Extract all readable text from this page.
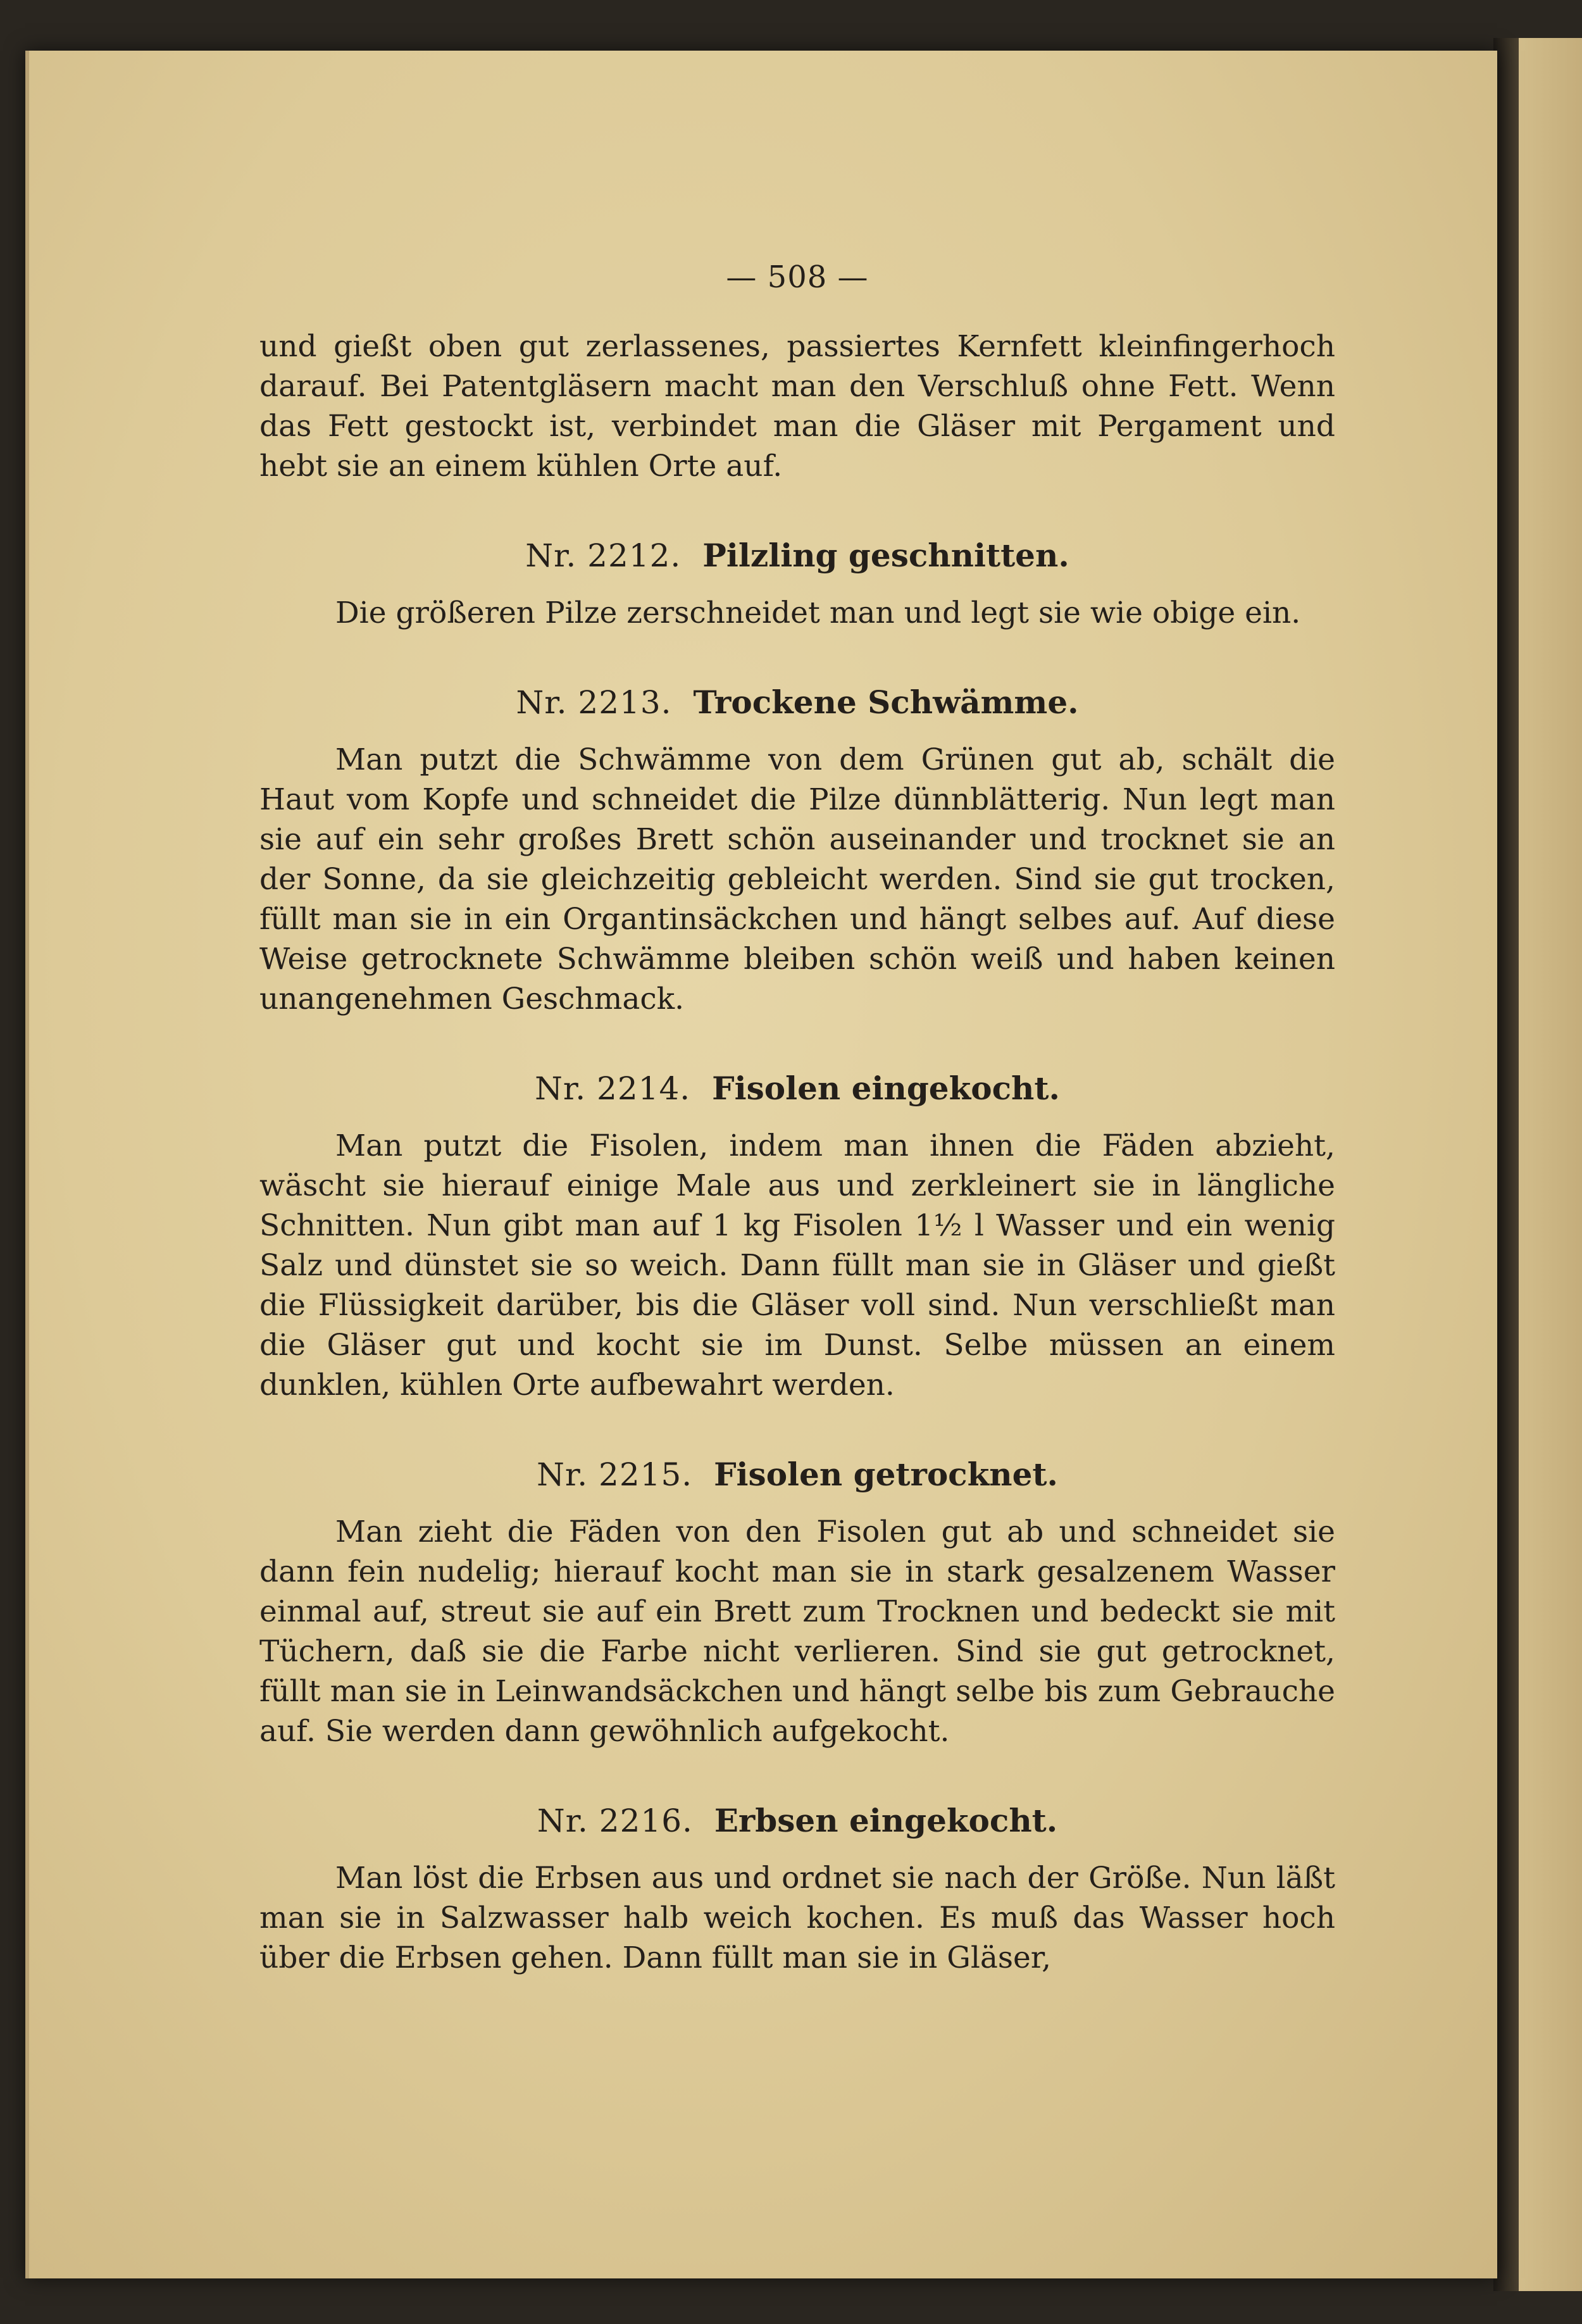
— 508 —

und gießt oben gut zerlassenes, passiertes Kernfett kleinfingerhoch darauf. Bei Patentgläsern macht man den Verschluß ohne Fett. Wenn das Fett gestockt ist, verbindet man die Gläser mit Pergament und hebt sie an einem kühlen Orte auf.

Nr. 2212. Pilzling geschnitten.

Die größeren Pilze zerschneidet man und legt sie wie obige ein.

Nr. 2213. Trockene Schwämme.

Man putzt die Schwämme von dem Grünen gut ab, schält die Haut vom Kopfe und schneidet die Pilze dünnblätterig. Nun legt man sie auf ein sehr großes Brett schön auseinander und trocknet sie an der Sonne, da sie gleichzeitig gebleicht werden. Sind sie gut trocken, füllt man sie in ein Organtinsäckchen und hängt selbes auf. Auf diese Weise getrocknete Schwämme bleiben schön weiß und haben keinen unangenehmen Geschmack.

Nr. 2214. Fisolen eingekocht.

Man putzt die Fisolen, indem man ihnen die Fäden abzieht, wäscht sie hierauf einige Male aus und zerkleinert sie in längliche Schnitten. Nun gibt man auf 1 kg Fisolen 1½ l Wasser und ein wenig Salz und dünstet sie so weich. Dann füllt man sie in Gläser und gießt die Flüssigkeit darüber, bis die Gläser voll sind. Nun verschließt man die Gläser gut und kocht sie im Dunst. Selbe müssen an einem dunklen, kühlen Orte aufbewahrt werden.

Nr. 2215. Fisolen getrocknet.

Man zieht die Fäden von den Fisolen gut ab und schneidet sie dann fein nudelig; hierauf kocht man sie in stark gesalzenem Wasser einmal auf, streut sie auf ein Brett zum Trocknen und bedeckt sie mit Tüchern, daß sie die Farbe nicht verlieren. Sind sie gut getrocknet, füllt man sie in Leinwandsäckchen und hängt selbe bis zum Gebrauche auf. Sie werden dann gewöhnlich aufgekocht.

Nr. 2216. Erbsen eingekocht.

Man löst die Erbsen aus und ordnet sie nach der Größe. Nun läßt man sie in Salzwasser halb weich kochen. Es muß das Wasser hoch über die Erbsen gehen. Dann füllt man sie in Gläser,
